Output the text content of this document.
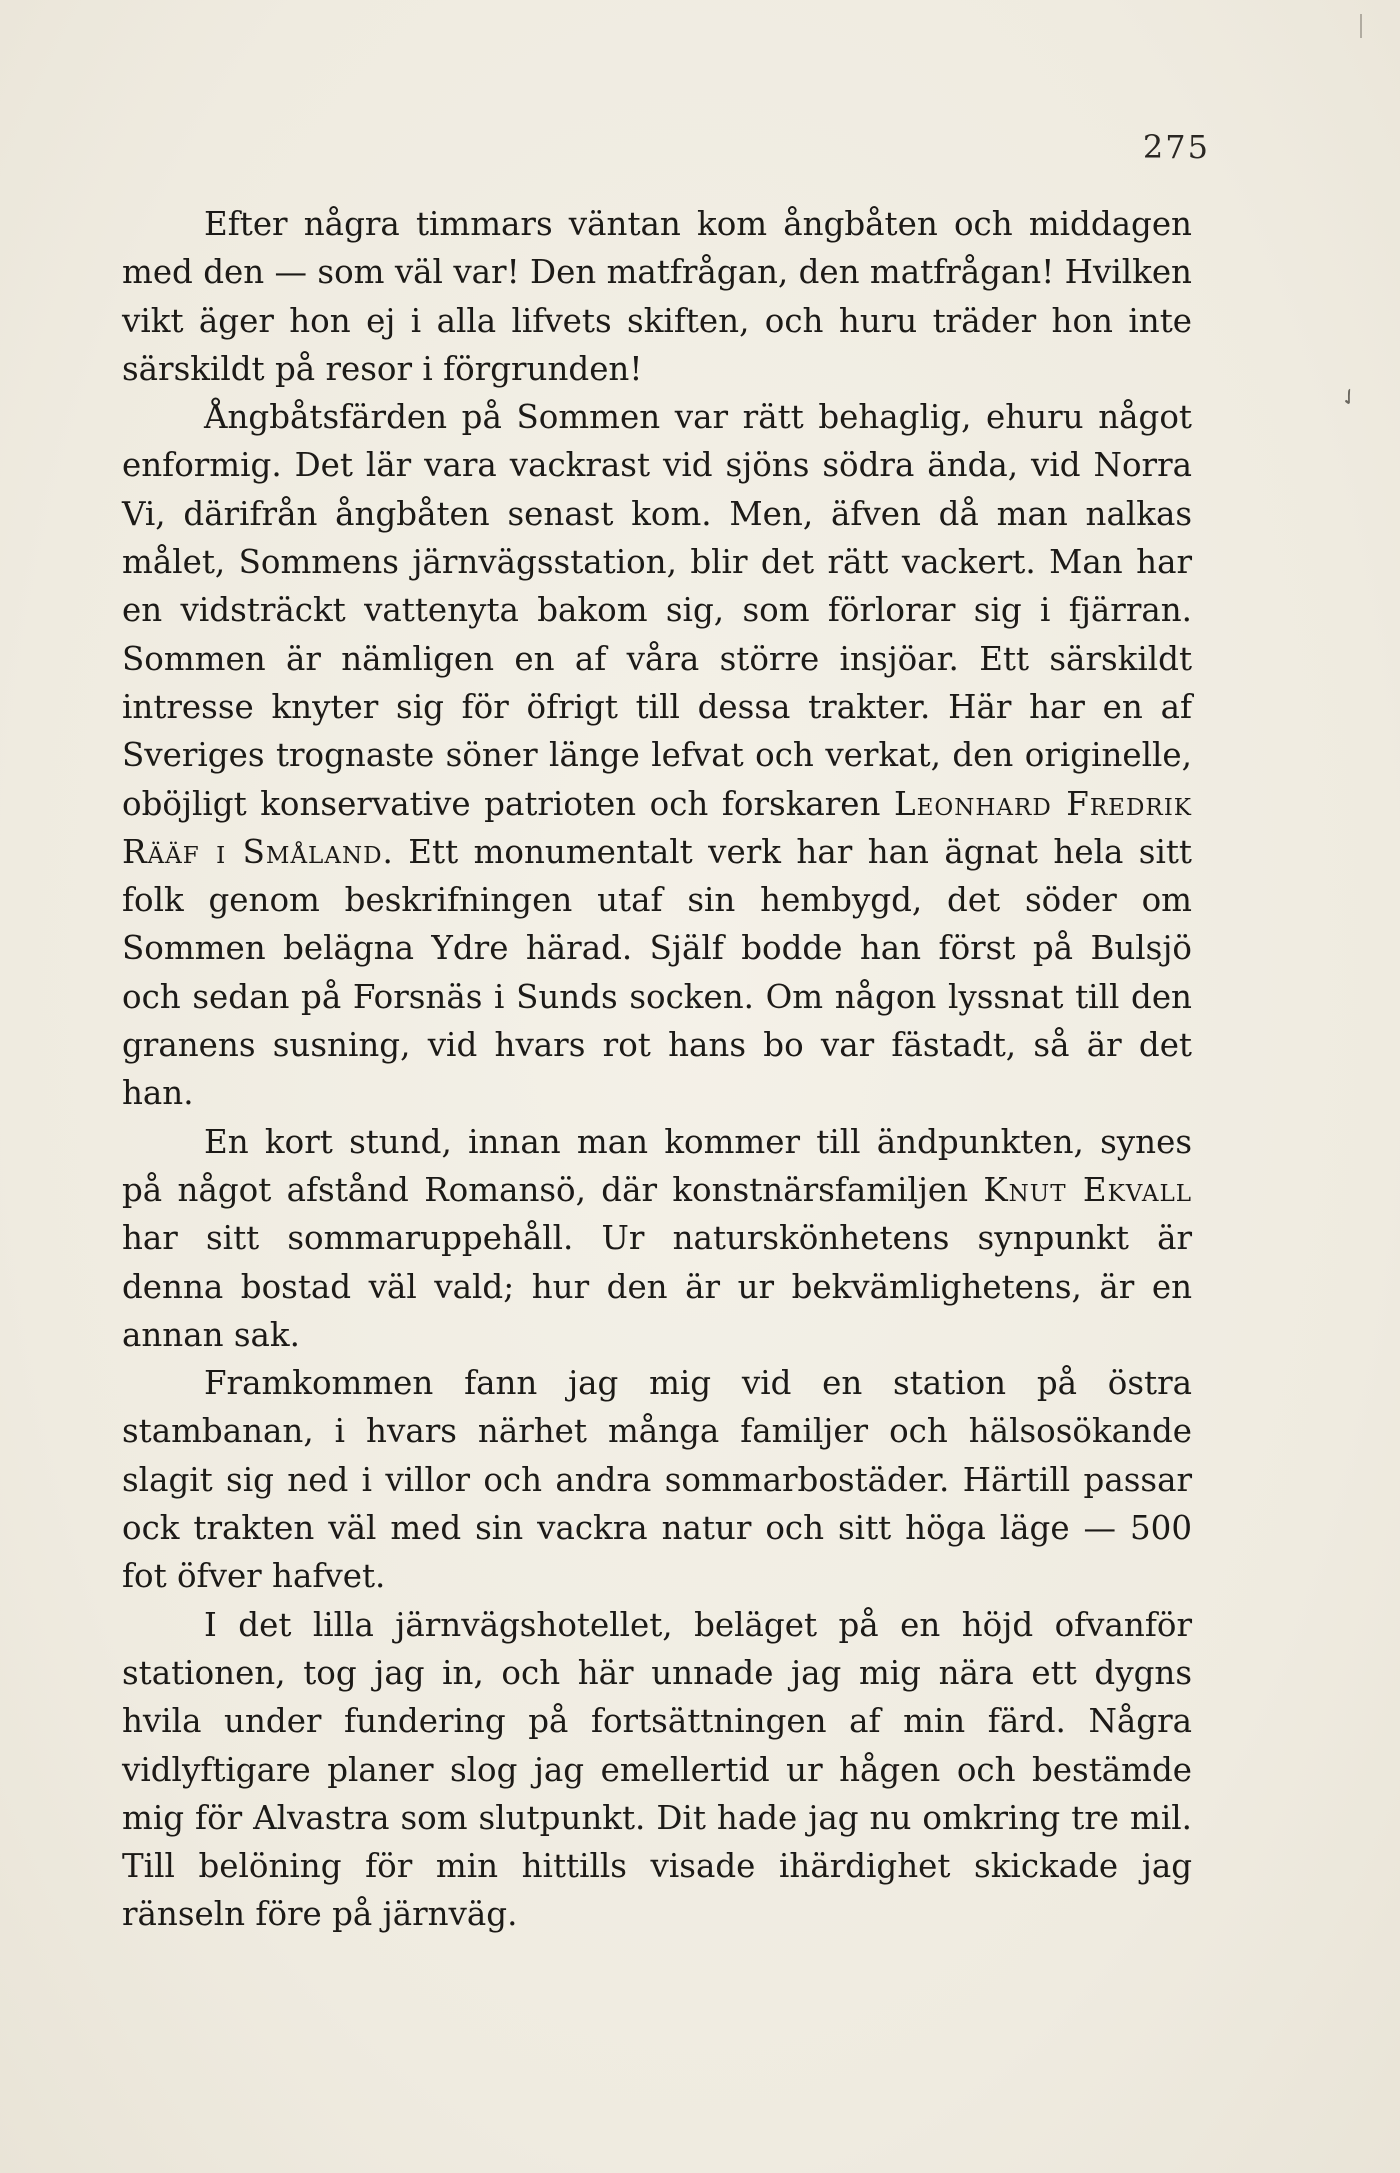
275
✓

Efter några timmars väntan kom ångbåten och middagen med den — som väl var! Den matfrågan, den matfrågan! Hvilken vikt äger hon ej i alla lifvets skiften, och huru träder hon inte särskildt på resor i förgrunden!

Ångbåtsfärden på Sommen var rätt behaglig, ehuru något enformig. Det lär vara vackrast vid sjöns södra ända, vid Norra Vi, därifrån ångbåten senast kom. Men, äfven då man nalkas målet, Sommens järnvägsstation, blir det rätt vackert. Man har en vidsträckt vattenyta bakom sig, som förlorar sig i fjärran. Sommen är nämligen en af våra större insjöar. Ett särskildt intresse knyter sig för öfrigt till dessa trakter. Här har en af Sveriges trognaste söner länge lefvat och verkat, den originelle, oböjligt konservative patrioten och forskaren Leonhard Fredrik Rääf i Småland. Ett monumentalt verk har han ägnat hela sitt folk genom beskrifningen utaf sin hembygd, det söder om Sommen belägna Ydre härad. Själf bodde han först på Bulsjö och sedan på Forsnäs i Sunds socken. Om någon lyssnat till den granens susning, vid hvars rot hans bo var fästadt, så är det han.

En kort stund, innan man kommer till ändpunkten, synes på något afstånd Romansö, där konstnärsfamiljen Knut Ekvall har sitt sommaruppehåll. Ur naturskönhetens synpunkt är denna bostad väl vald; hur den är ur bekvämlighetens, är en annan sak.

Framkommen fann jag mig vid en station på östra stambanan, i hvars närhet många familjer och hälsosökande slagit sig ned i villor och andra sommarbostäder. Härtill passar ock trakten väl med sin vackra natur och sitt höga läge — 500 fot öfver hafvet.

I det lilla järnvägshotellet, beläget på en höjd ofvanför stationen, tog jag in, och här unnade jag mig nära ett dygns hvila under fundering på fortsättningen af min färd. Några vidlyftigare planer slog jag emellertid ur hågen och bestämde mig för Alvastra som slutpunkt. Dit hade jag nu omkring tre mil. Till belöning för min hittills visade ihärdighet skickade jag ränseln före på järnväg.
